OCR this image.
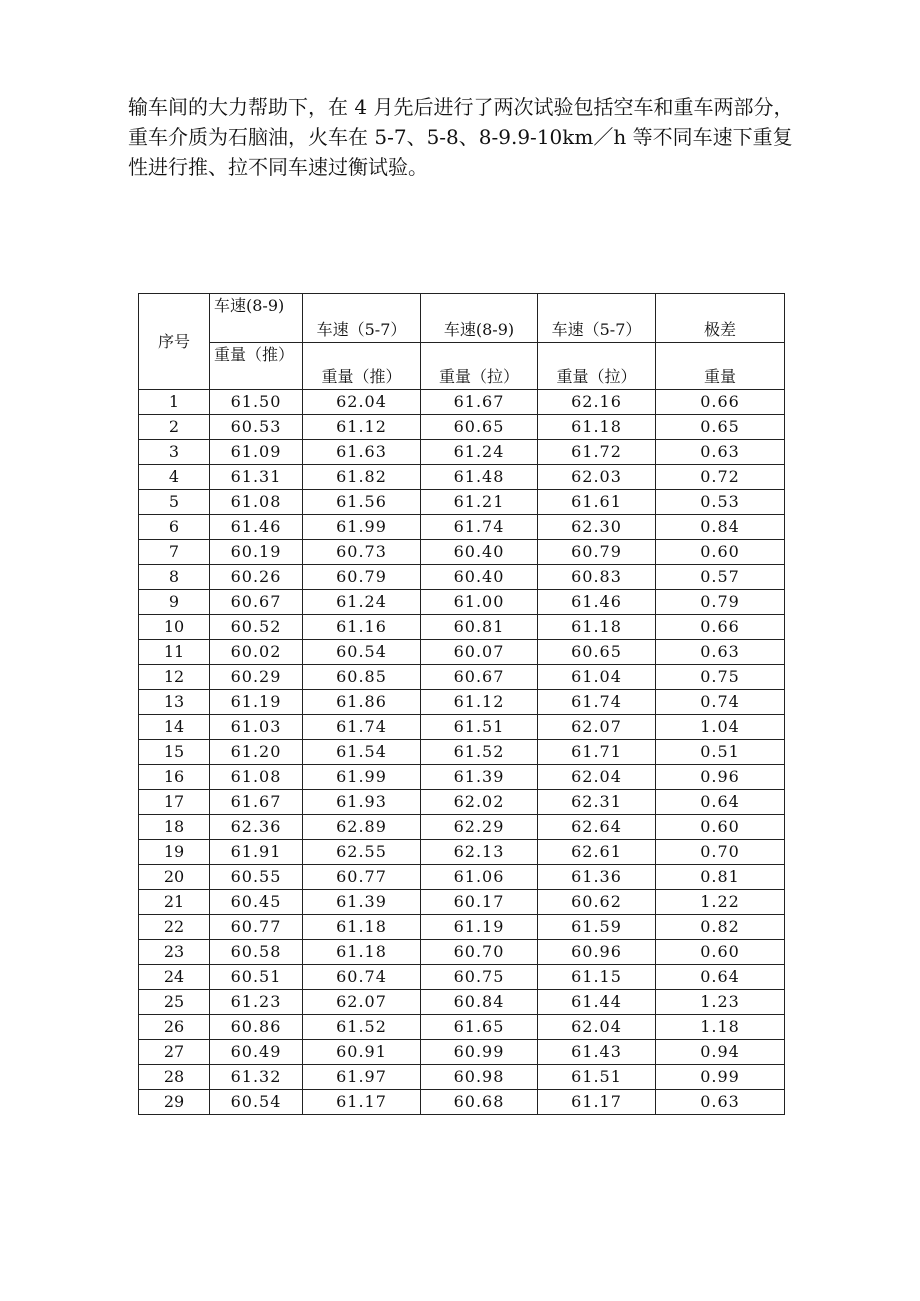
输车间的大力帮助下，在 4 月先后进行了两次试验包括空车和重车两部分，

重车介质为石脑油，火车在 5-7、5-8、8-9.9-10km／h 等不同车速下重复

性进行推、拉不同车速过衡试验。

序号	车速(8-9)	车速（5-7）	车速(8-9)	车速（5-7）	极差
	重量（推）	重量（推）	重量（拉）	重量（拉）	重量
1	61.50	62.04	61.67	62.16	0.66
2	60.53	61.12	60.65	61.18	0.65
3	61.09	61.63	61.24	61.72	0.63
4	61.31	61.82	61.48	62.03	0.72
5	61.08	61.56	61.21	61.61	0.53
6	61.46	61.99	61.74	62.30	0.84
7	60.19	60.73	60.40	60.79	0.60
8	60.26	60.79	60.40	60.83	0.57
9	60.67	61.24	61.00	61.46	0.79
10	60.52	61.16	60.81	61.18	0.66
11	60.02	60.54	60.07	60.65	0.63
12	60.29	60.85	60.67	61.04	0.75
13	61.19	61.86	61.12	61.74	0.74
14	61.03	61.74	61.51	62.07	1.04
15	61.20	61.54	61.52	61.71	0.51
16	61.08	61.99	61.39	62.04	0.96
17	61.67	61.93	62.02	62.31	0.64
18	62.36	62.89	62.29	62.64	0.60
19	61.91	62.55	62.13	62.61	0.70
20	60.55	60.77	61.06	61.36	0.81
21	60.45	61.39	60.17	60.62	1.22
22	60.77	61.18	61.19	61.59	0.82
23	60.58	61.18	60.70	60.96	0.60
24	60.51	60.74	60.75	61.15	0.64
25	61.23	62.07	60.84	61.44	1.23
26	60.86	61.52	61.65	62.04	1.18
27	60.49	60.91	60.99	61.43	0.94
28	61.32	61.97	60.98	61.51	0.99
29	60.54	61.17	60.68	61.17	0.63
